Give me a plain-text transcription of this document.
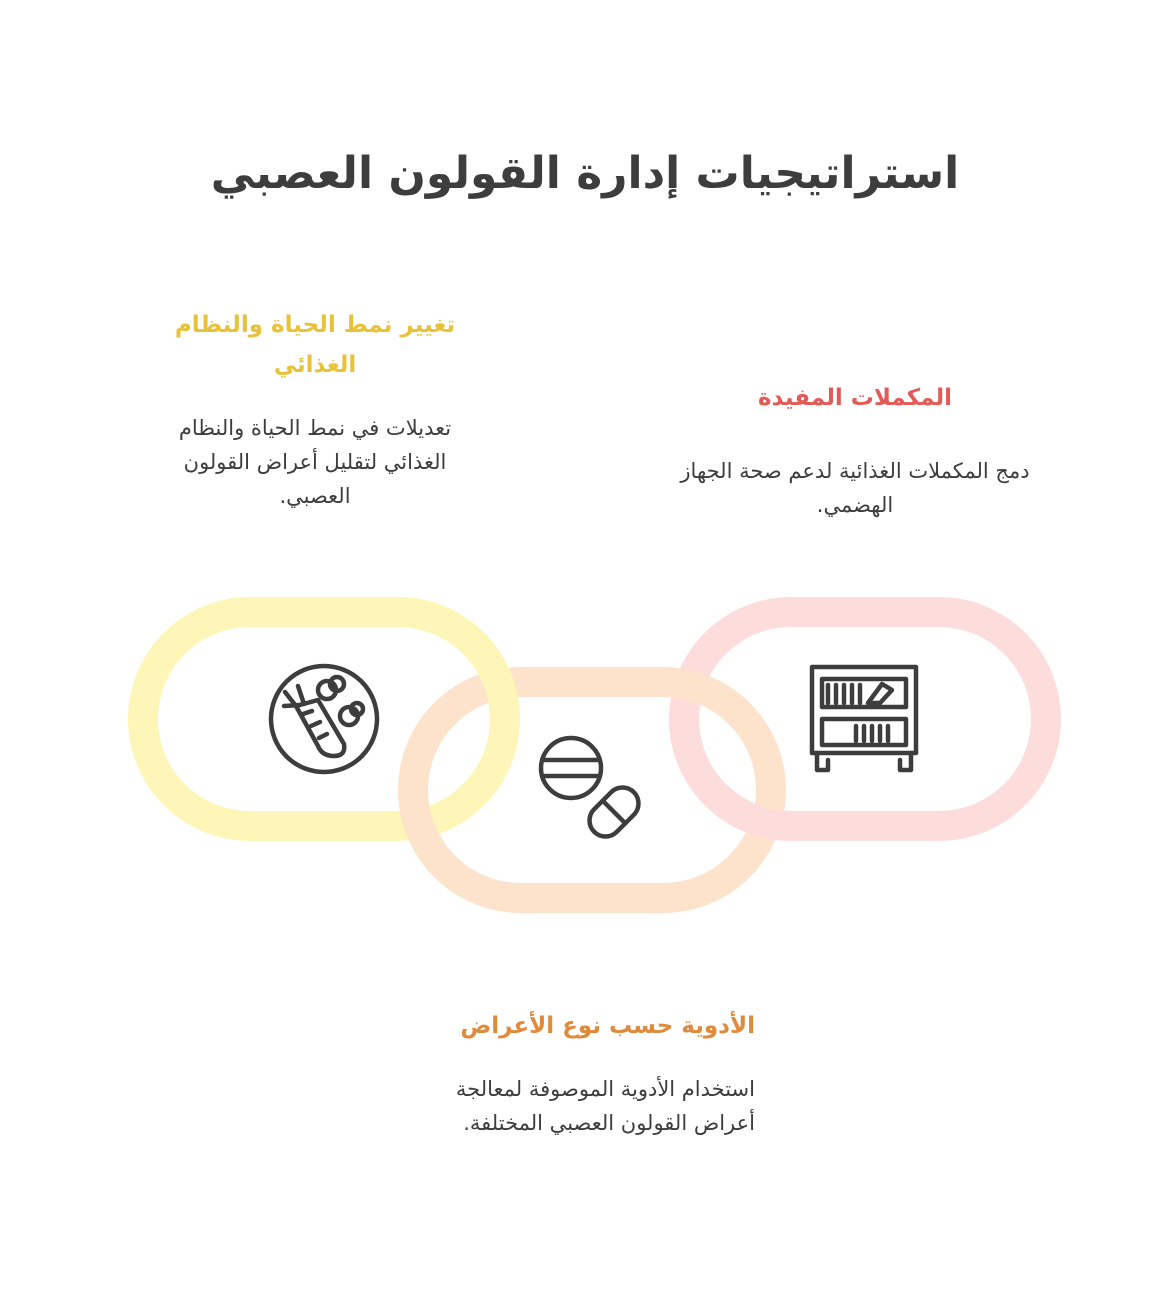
استراتيجيات إدارة القولون العصبي

تغيير نمط الحياة والنظام الغذائي

تعديلات في نمط الحياة والنظام الغذائي لتقليل أعراض القولون العصبي.

المكملات المفيدة

دمج المكملات الغذائية لدعم صحة الجهاز الهضمي.

الأدوية حسب نوع الأعراض

استخدام الأدوية الموصوفة لمعالجة أعراض القولون العصبي المختلفة.
